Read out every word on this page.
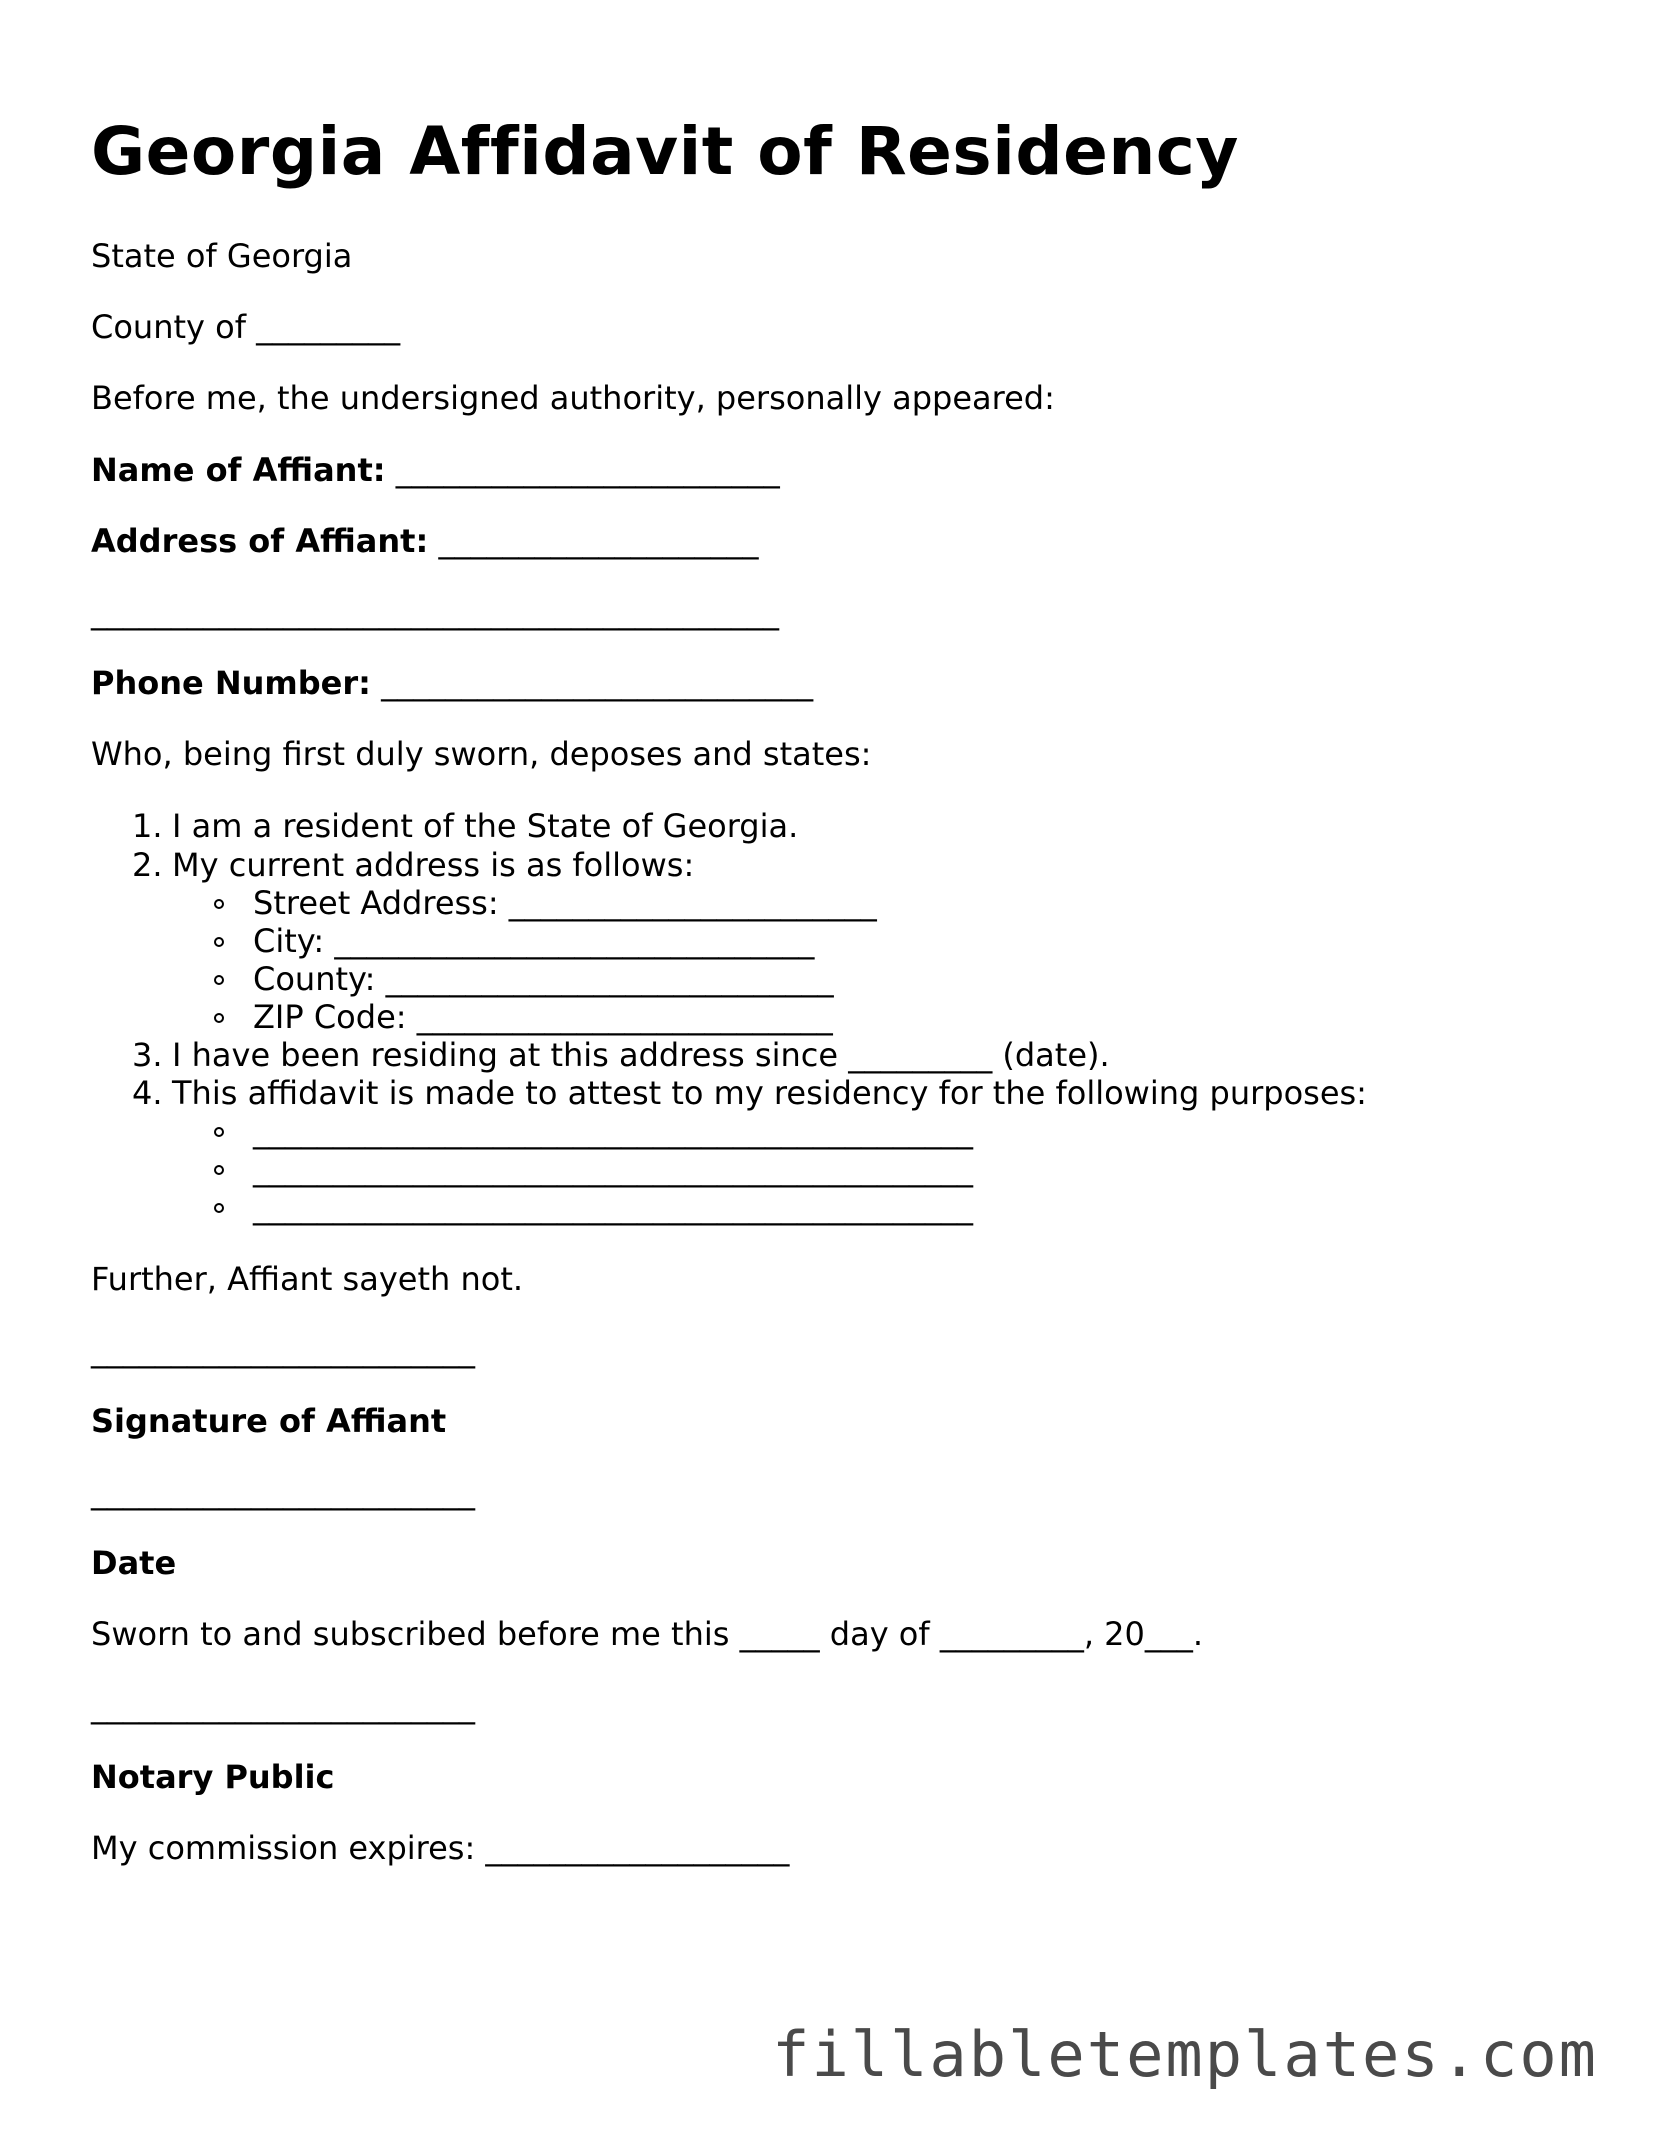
Georgia Affidavit of Residency

State of Georgia

County of _________

Before me, the undersigned authority, personally appeared:

Name of Affiant: ________________________

Address of Affiant: ____________________

___________________________________________

Phone Number: ___________________________

Who, being first duly sworn, deposes and states:

1. I am a resident of the State of Georgia.
2. My current address is as follows:
Street Address: _______________________
City: ______________________________
County: ____________________________
ZIP Code: __________________________
3. I have been residing at this address since _________ (date).
4. This affidavit is made to attest to my residency for the following purposes:
_____________________________________________
_____________________________________________
_____________________________________________

Further, Affiant sayeth not.

________________________

Signature of Affiant

________________________

Date

Sworn to and subscribed before me this _____ day of _________, 20___.

________________________

Notary Public

My commission expires: ___________________

fillabletemplates.com
